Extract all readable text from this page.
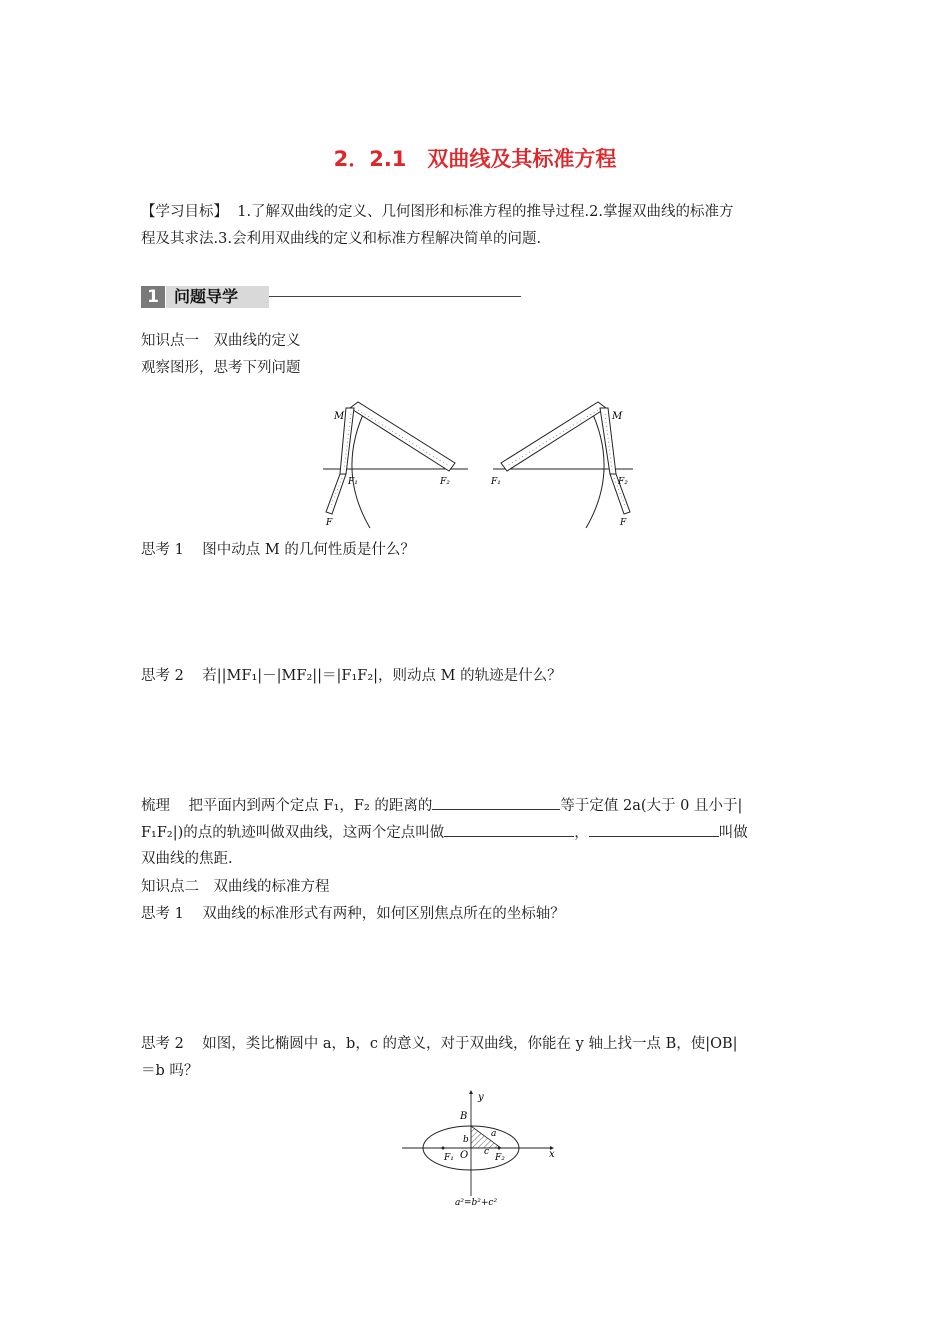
2．2.1　双曲线及其标准方程
【学习目标】 1.了解双曲线的定义、几何图形和标准方程的推导过程.2.掌握双曲线的标准方
程及其求法.3.会利用双曲线的定义和标准方程解决简单的问题.
1 问题导学
知识点一　双曲线的定义
观察图形，思考下列问题
M
F₁	F₂
F
M
F₁	F₂
F
思考 1 图中动点 M 的几何性质是什么？
思考 2 若||MF₁|－|MF₂||＝|F₁F₂|，则动点 M 的轨迹是什么？
梳理 把平面内到两个定点 F₁，F₂ 的距离的	等于定值 2a(大于 0 且小于|
F₁F₂|)的点的轨迹叫做双曲线，这两个定点叫做	，	叫做
双曲线的焦距.
知识点二　双曲线的标准方程
思考 1 双曲线的标准形式有两种，如何区别焦点所在的坐标轴？
思考 2 如图，类比椭圆中 a，b，c 的意义，对于双曲线，你能在 y 轴上找一点 B，使|OB|
＝b 吗？
y
x
B
b
O
F₁	F₂
a
c
a²=b²+c²
